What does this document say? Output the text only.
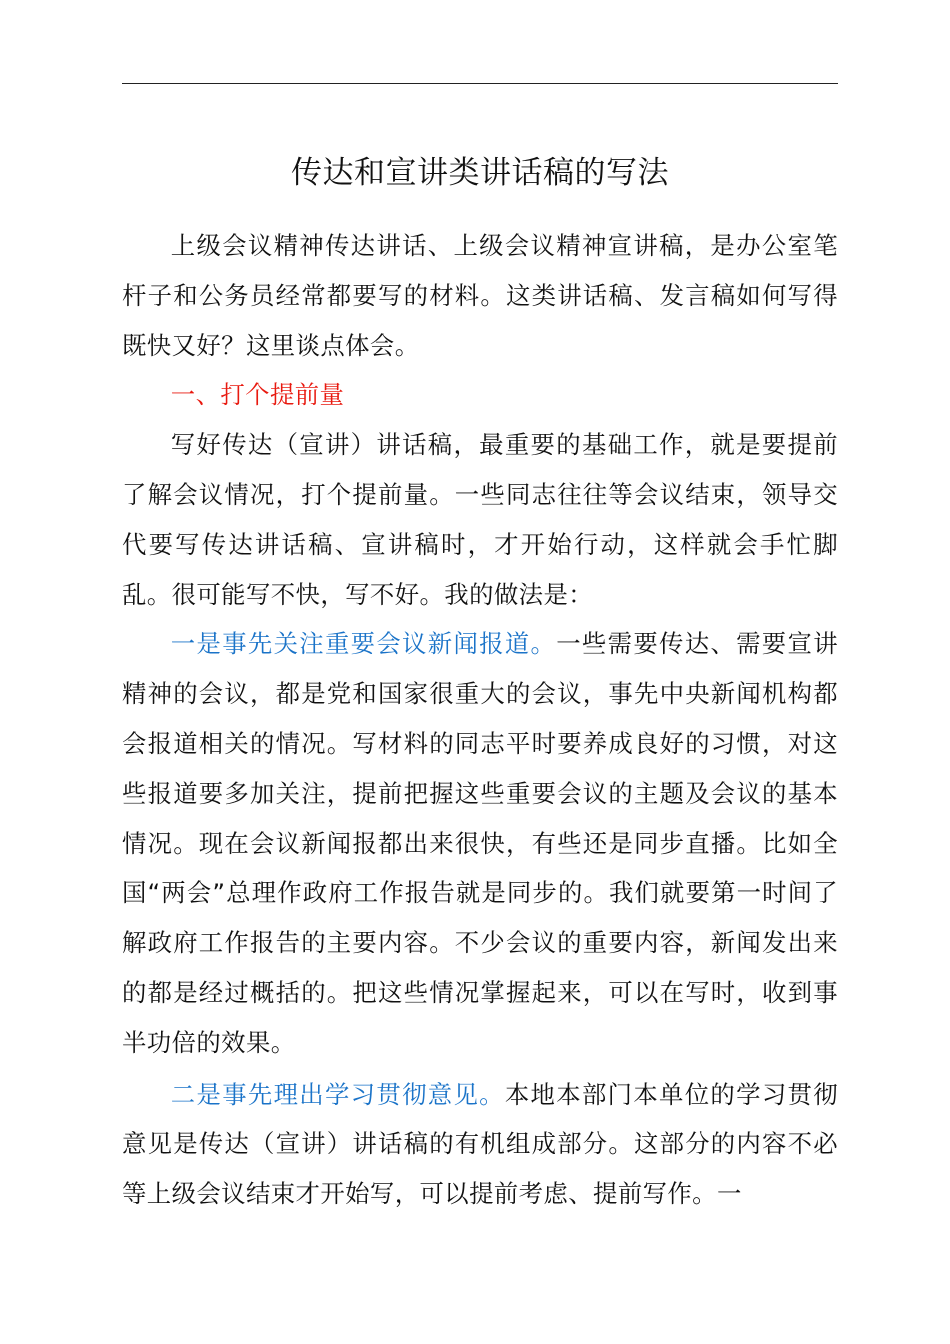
传达和宣讲类讲话稿的写法

上级会议精神传达讲话、上级会议精神宣讲稿，是办公室笔杆子和公务员经常都要写的材料。这类讲话稿、发言稿如何写得既快又好？这里谈点体会。

一、打个提前量

写好传达（宣讲）讲话稿，最重要的基础工作，就是要提前了解会议情况，打个提前量。一些同志往往等会议结束，领导交代要写传达讲话稿、宣讲稿时，才开始行动，这样就会手忙脚乱。很可能写不快，写不好。我的做法是：

一是事先关注重要会议新闻报道。一些需要传达、需要宣讲精神的会议，都是党和国家很重大的会议，事先中央新闻机构都会报道相关的情况。写材料的同志平时要养成良好的习惯，对这些报道要多加关注，提前把握这些重要会议的主题及会议的基本情况。现在会议新闻报都出来很快，有些还是同步直播。比如全国“两会”总理作政府工作报告就是同步的。我们就要第一时间了解政府工作报告的主要内容。不少会议的重要内容，新闻发出来的都是经过概括的。把这些情况掌握起来，可以在写时，收到事半功倍的效果。

二是事先理出学习贯彻意见。本地本部门本单位的学习贯彻意见是传达（宣讲）讲话稿的有机组成部分。这部分的内容不必等上级会议结束才开始写，可以提前考虑、提前写作。一
